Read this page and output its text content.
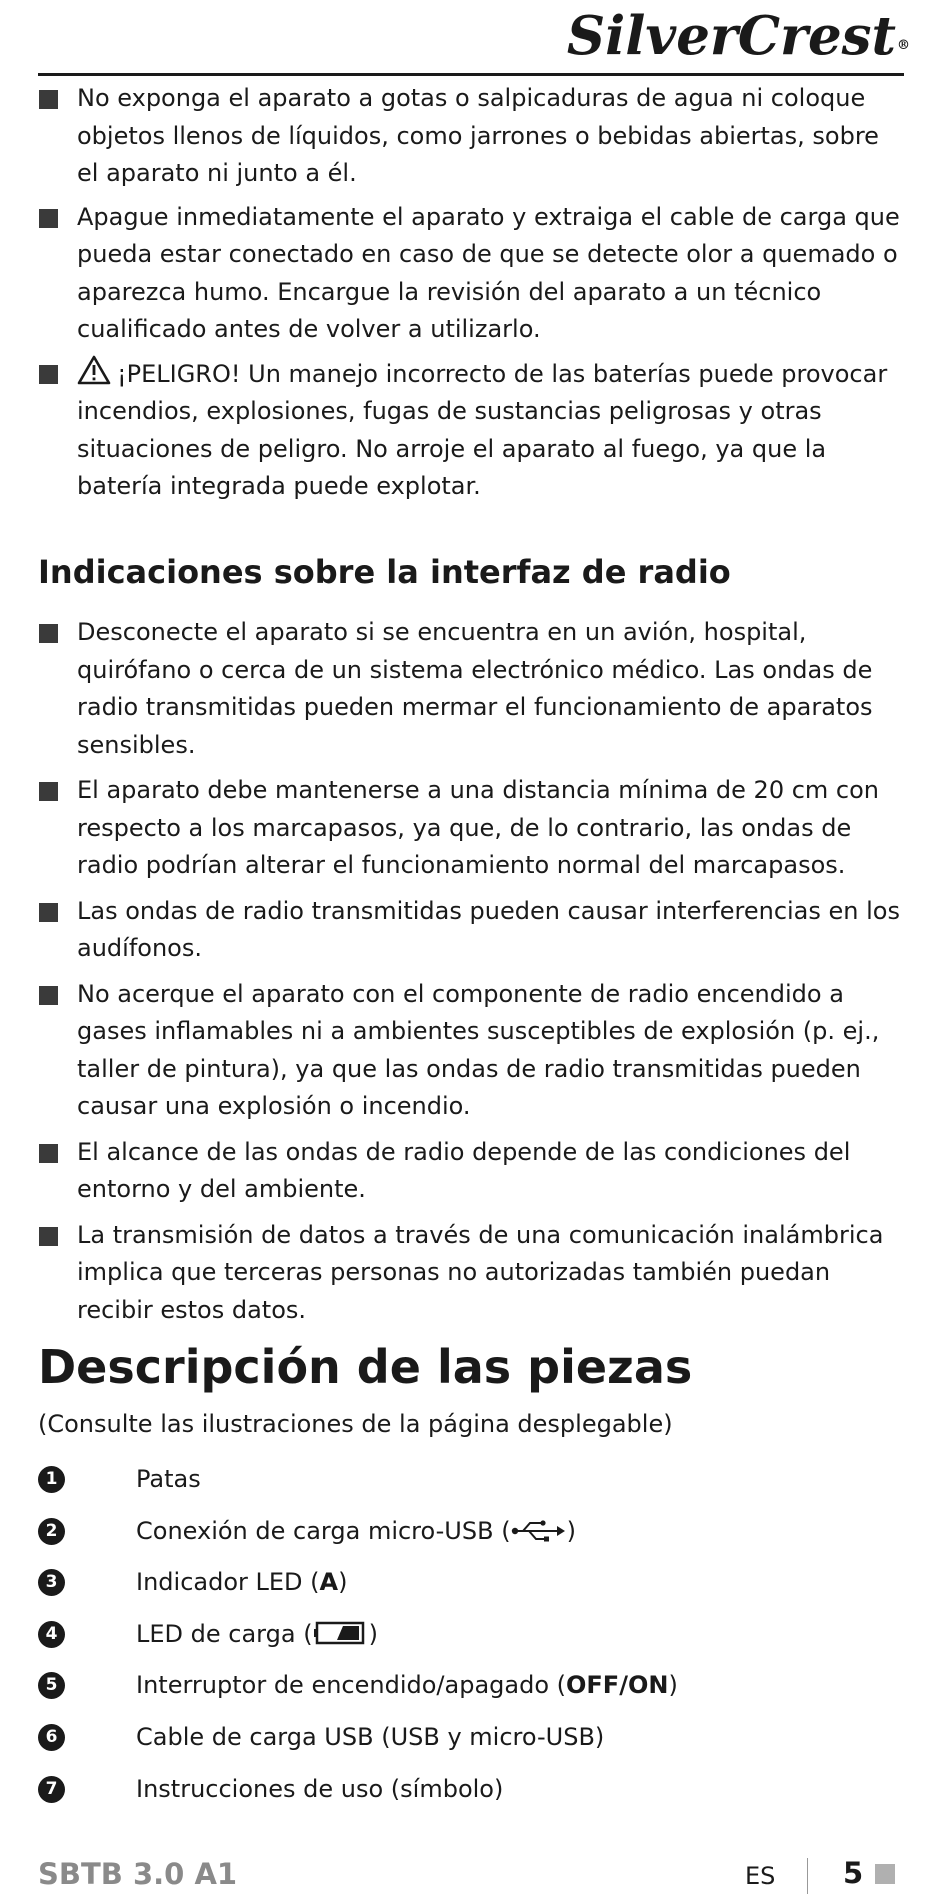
SilverCrest®

No exponga el aparato a gotas o salpicaduras de agua ni coloque objetos llenos de líquidos, como jarrones o bebidas abiertas, sobre el aparato ni junto a él.

Apague inmediatamente el aparato y extraiga el cable de carga que pueda estar conectado en caso de que se detecte olor a quemado o aparezca humo. Encargue la revisión del aparato a un técnico cualificado antes de volver a utilizarlo.

¡PELIGRO! Un manejo incorrecto de las baterías puede provocar incendios, explosiones, fugas de sustancias peligrosas y otras situaciones de peligro. No arroje el aparato al fuego, ya que la batería integrada puede explotar.

Indicaciones sobre la interfaz de radio

Desconecte el aparato si se encuentra en un avión, hospital, quirófano o cerca de un sistema electrónico médico. Las ondas de radio transmitidas pueden mermar el funcionamiento de aparatos sensibles.

El aparato debe mantenerse a una distancia mínima de 20 cm con respecto a los marcapasos, ya que, de lo contrario, las ondas de radio podrían alterar el funcionamiento normal del marcapasos.

Las ondas de radio transmitidas pueden causar interferencias en los audífonos.

No acerque el aparato con el componente de radio encendido a gases inflamables ni a ambientes susceptibles de explosión (p. ej., taller de pintura), ya que las ondas de radio transmitidas pueden causar una explosión o incendio.

El alcance de las ondas de radio depende de las condiciones del entorno y del ambiente.

La transmisión de datos a través de una comunicación inalámbrica implica que terceras personas no autorizadas también puedan recibir estos datos.

Descripción de las piezas
(Consulte las ilustraciones de la página desplegable)
1	Patas
2	Conexión de carga micro-USB ( )
3	Indicador LED (A)
4	LED de carga ( )
5	Interruptor de encendido/apagado (OFF/ON)
6	Cable de carga USB (USB y micro-USB)
7	Instrucciones de uso (símbolo)
SBTB 3.0 A1	ES 5
